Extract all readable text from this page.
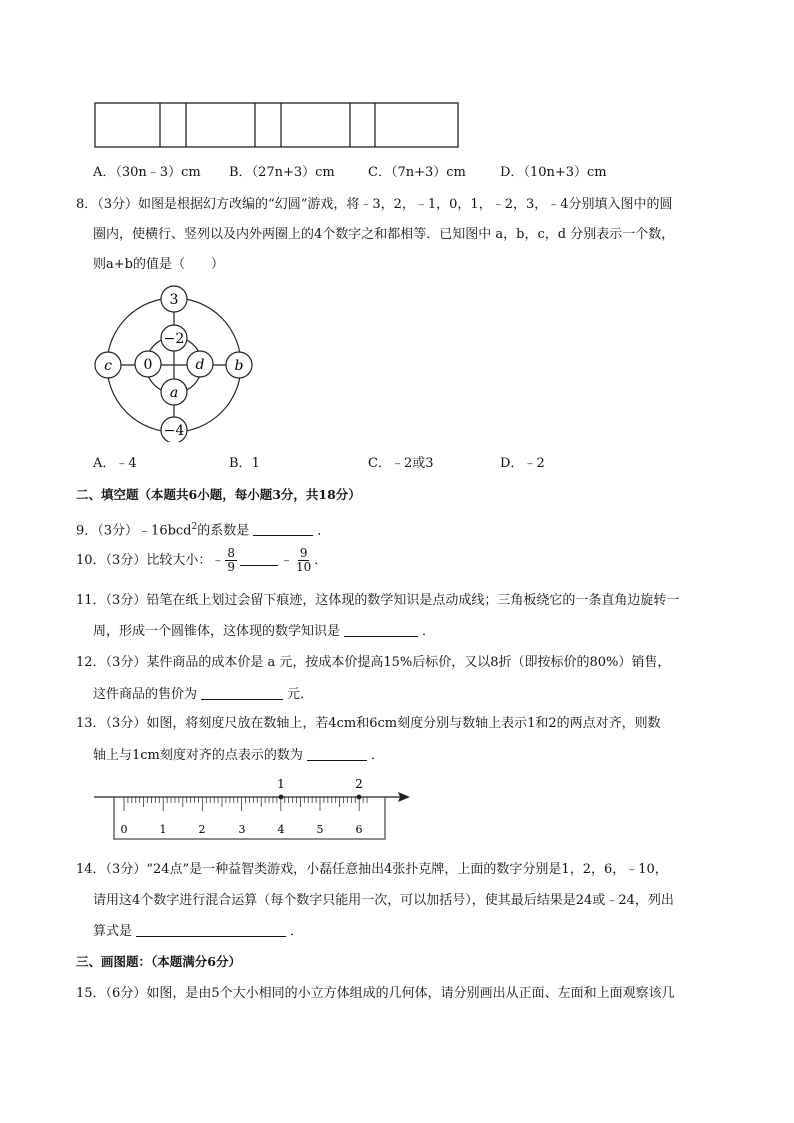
A．（30n﹣3）cm B．（27n+3）cm	C．（7n+3）cm	D．（10n+3）cm
8．（3分）如图是根据幻方改编的“幻圆”游戏，将﹣3，2，﹣1，0，1，﹣2，3，﹣4分别填入图中的圆
圈内，使横行、竖列以及内外两圈上的4个数字之和都相等．已知图中 a，b，c，d 分别表示一个数，
则a+b的值是（　　）
3
−2
c 0	d b
a
−4
A．﹣4	B．1	C．﹣2或3	D．﹣2
二、填空题（本题共6小题，每小题3分，共18分）
9．（3分）﹣16bcd$^2$的系数是	．
10．（3分）比较大小：﹣ $\frac{8}{9}$	﹣ $\frac{9}{10}$ ．
11．（3分）铅笔在纸上划过会留下痕迹，这体现的数学知识是点动成线；三角板绕它的一条直角边旋转一
周，形成一个圆锥体，这体现的数学知识是	．
12．（3分）某件商品的成本价是 a 元，按成本价提高15%后标价，又以8折（即按标价的80%）销售，
这件商品的售价为	元．
13．（3分）如图，将刻度尺放在数轴上，若4cm和6cm刻度分别与数轴上表示1和2的两点对齐，则数
轴上与1cm刻度对齐的点表示的数为	．
1	2
0	1	2	3	4	5	6
14．（3分）“24点”是一种益智类游戏，小磊任意抽出4张扑克牌，上面的数字分别是1，2，6，﹣10，
请用这4个数字进行混合运算（每个数字只能用一次，可以加括号），使其最后结果是24或﹣24，列出
算式是	．
三、画图题：（本题满分6分）
15．（6分）如图，是由5个大小相同的小立方体组成的几何体，请分别画出从正面、左面和上面观察该几
